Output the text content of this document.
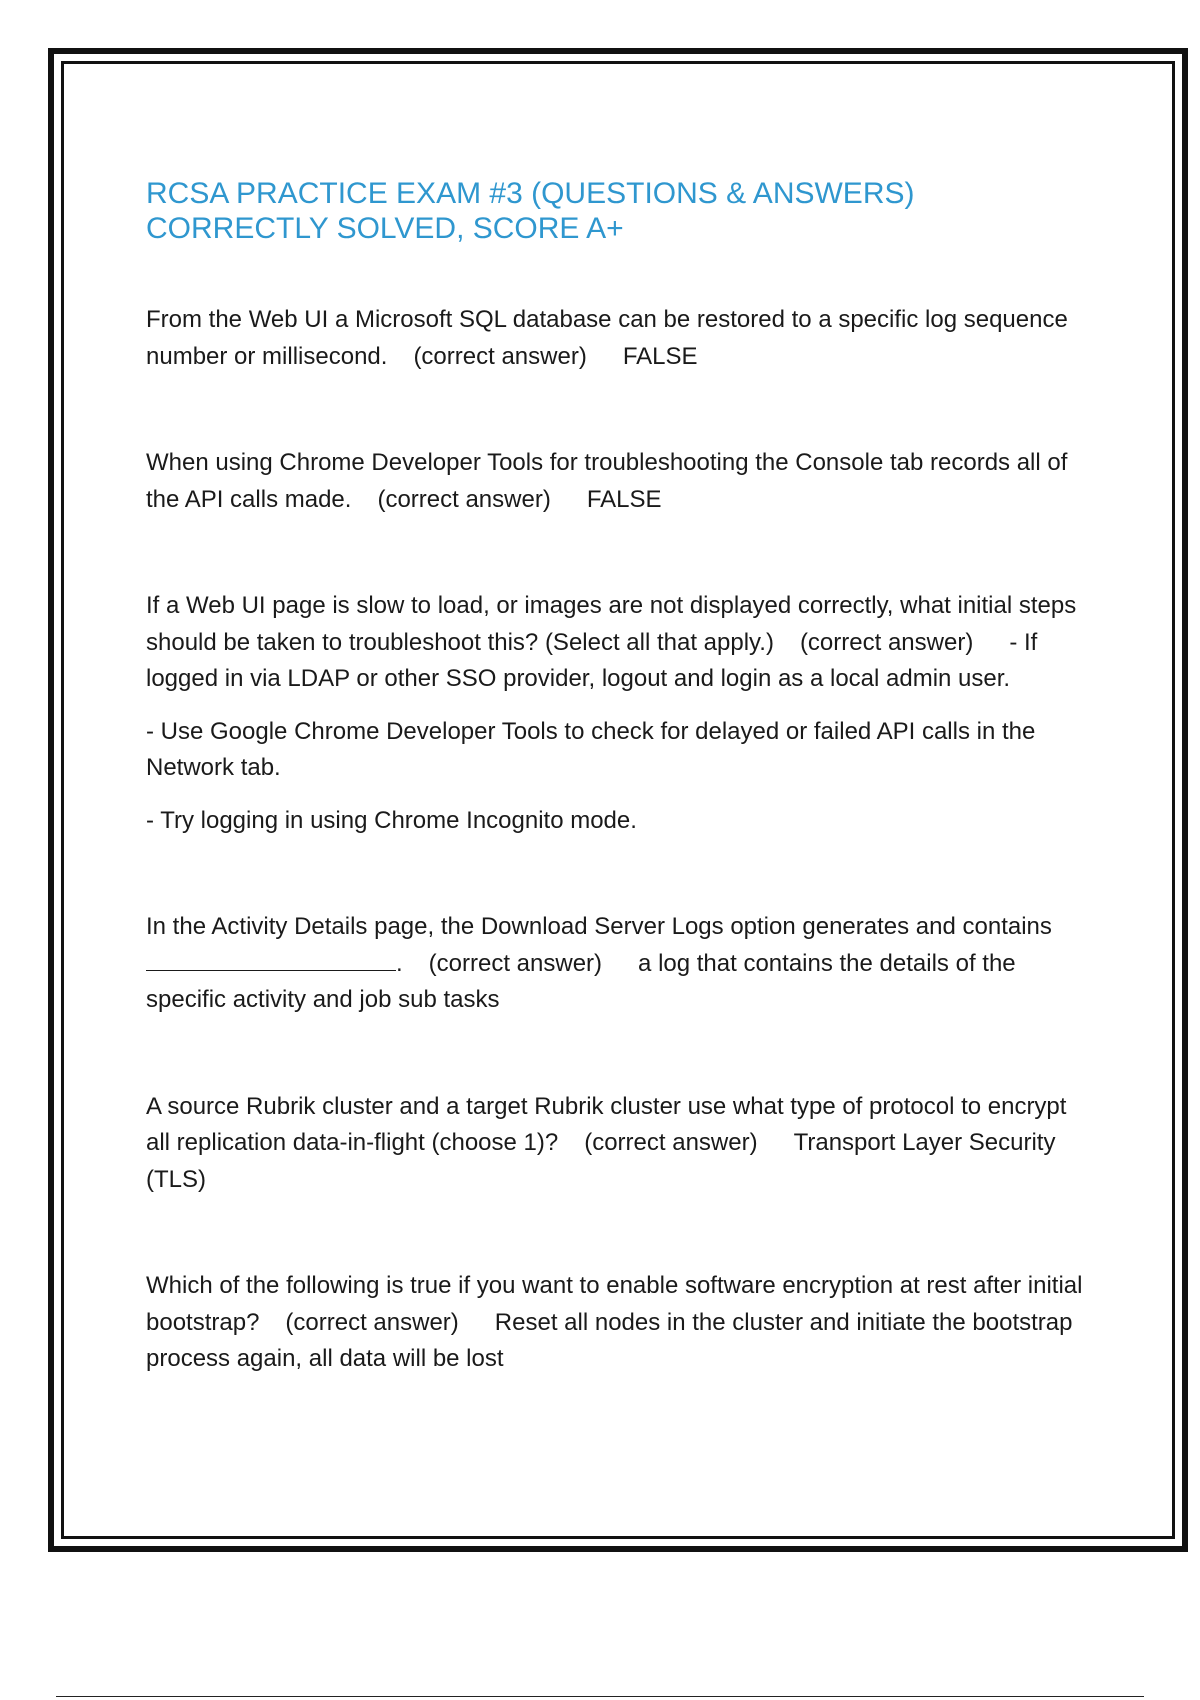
RCSA PRACTICE EXAM #3 (QUESTIONS & ANSWERS)
CORRECTLY SOLVED, SCORE A+

From the Web UI a Microsoft SQL database can be restored to a specific log sequence number or millisecond. (correct answer) FALSE

When using Chrome Developer Tools for troubleshooting the Console tab records all of the API calls made. (correct answer) FALSE

If a Web UI page is slow to load, or images are not displayed correctly, what initial steps should be taken to troubleshoot this? (Select all that apply.) (correct answer) - If logged in via LDAP or other SSO provider, logout and login as a local admin user.

- Use Google Chrome Developer Tools to check for delayed or failed API calls in the Network tab.

- Try logging in using Chrome Incognito mode.

In the Activity Details page, the Download Server Logs option generates and contains . (correct answer) a log that contains the details of the specific activity and job sub tasks

A source Rubrik cluster and a target Rubrik cluster use what type of protocol to encrypt all replication data-in-flight (choose 1)? (correct answer) Transport Layer Security (TLS)

Which of the following is true if you want to enable software encryption at rest after initial bootstrap? (correct answer) Reset all nodes in the cluster and initiate the bootstrap process again, all data will be lost
